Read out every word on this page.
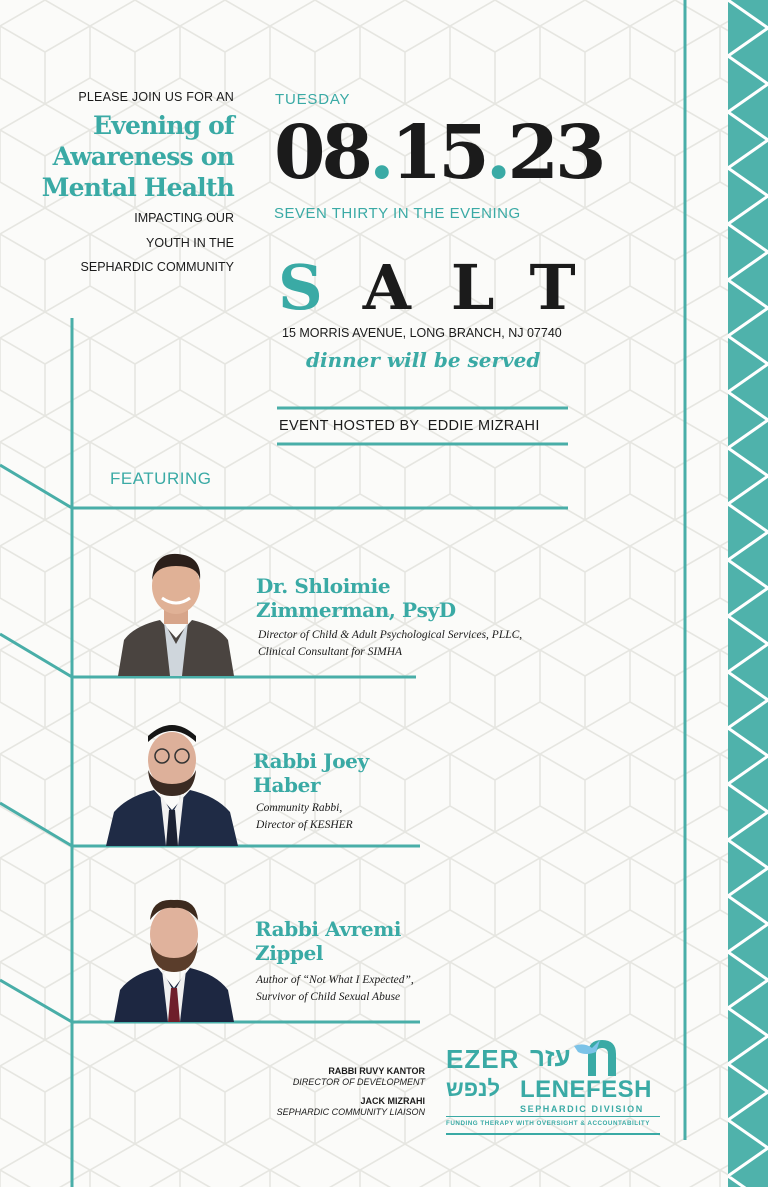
PLEASE JOIN US FOR AN
Evening of
Awareness on
Mental Health
IMPACTING OUR
YOUTH IN THE
SEPHARDIC COMMUNITY
TUESDAY
08.15.23
SEVEN THIRTY IN THE EVENING
SALT
15 MORRIS AVENUE, LONG BRANCH, NJ 07740
dinner will be served
EVENT HOSTED BY  EDDIE MIZRAHI
FEATURING
Dr. Shloimie
Zimmerman, PsyD
Director of Child & Adult Psychological Services, PLLC,
Clinical Consultant for SIMHA
Rabbi Joey
Haber
Community Rabbi,
Director of KESHER
Rabbi Avremi
Zippel
Author of “Not What I Expected”,
Survivor of Child Sexual Abuse
RABBI RUVY KANTOR
DIRECTOR OF DEVELOPMENT
JACK MIZRAHI
SEPHARDIC COMMUNITY LIAISON
EZER עזר
לנפש LENEFESH
SEPHARDIC DIVISION
FUNDING THERAPY WITH OVERSIGHT & ACCOUNTABILITY
